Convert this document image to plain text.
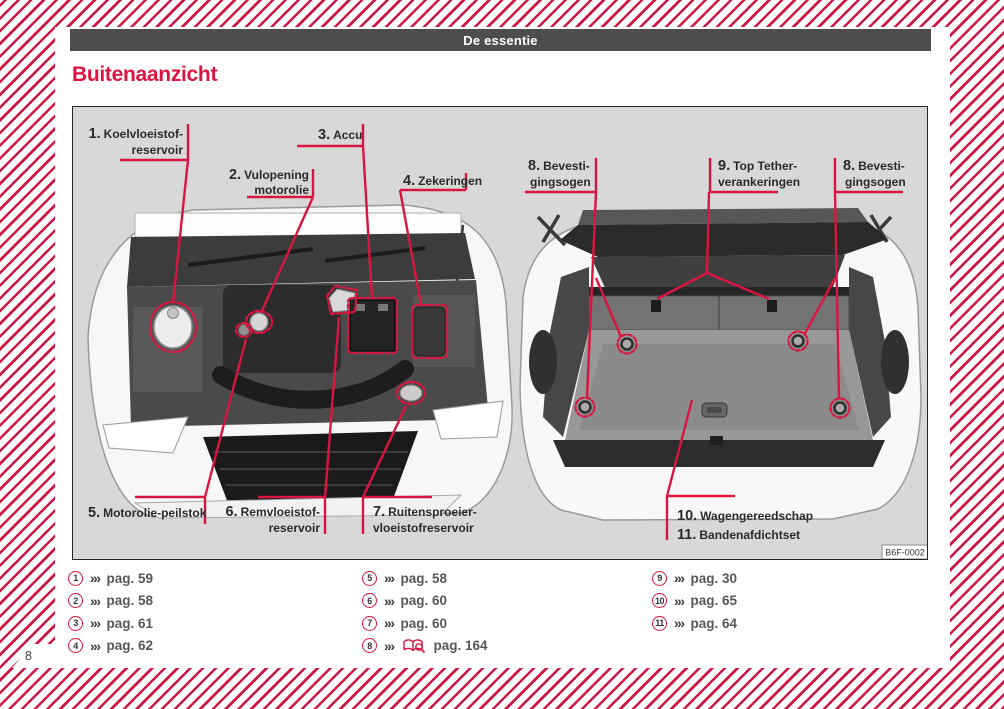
De essentie
Buitenaanzicht
1. Koelvloeistof-
reservoir
2. Vulopening
motorolie
3. Accu
4. Zekeringen
5. Motorolie-peilstok 6. Remvloeistof-
reservoir
7. Ruitensproeier-
vloeistofreservoir
8. Bevesti-
gingsogen
9. Top Tether-
verankeringen
8. Bevesti-
gingsogen
10. Wagengereedschap
11. Bandenafdichtset
B6F-0002
1 ››› pag. 59
2 ››› pag. 58
3 ››› pag. 61
4 ››› pag. 62
5 ››› pag. 58
6 ››› pag. 60
7 ››› pag. 60
8 ›››	pag. 164
9 ››› pag. 30
10 ››› pag. 65
11 ››› pag. 64
8
